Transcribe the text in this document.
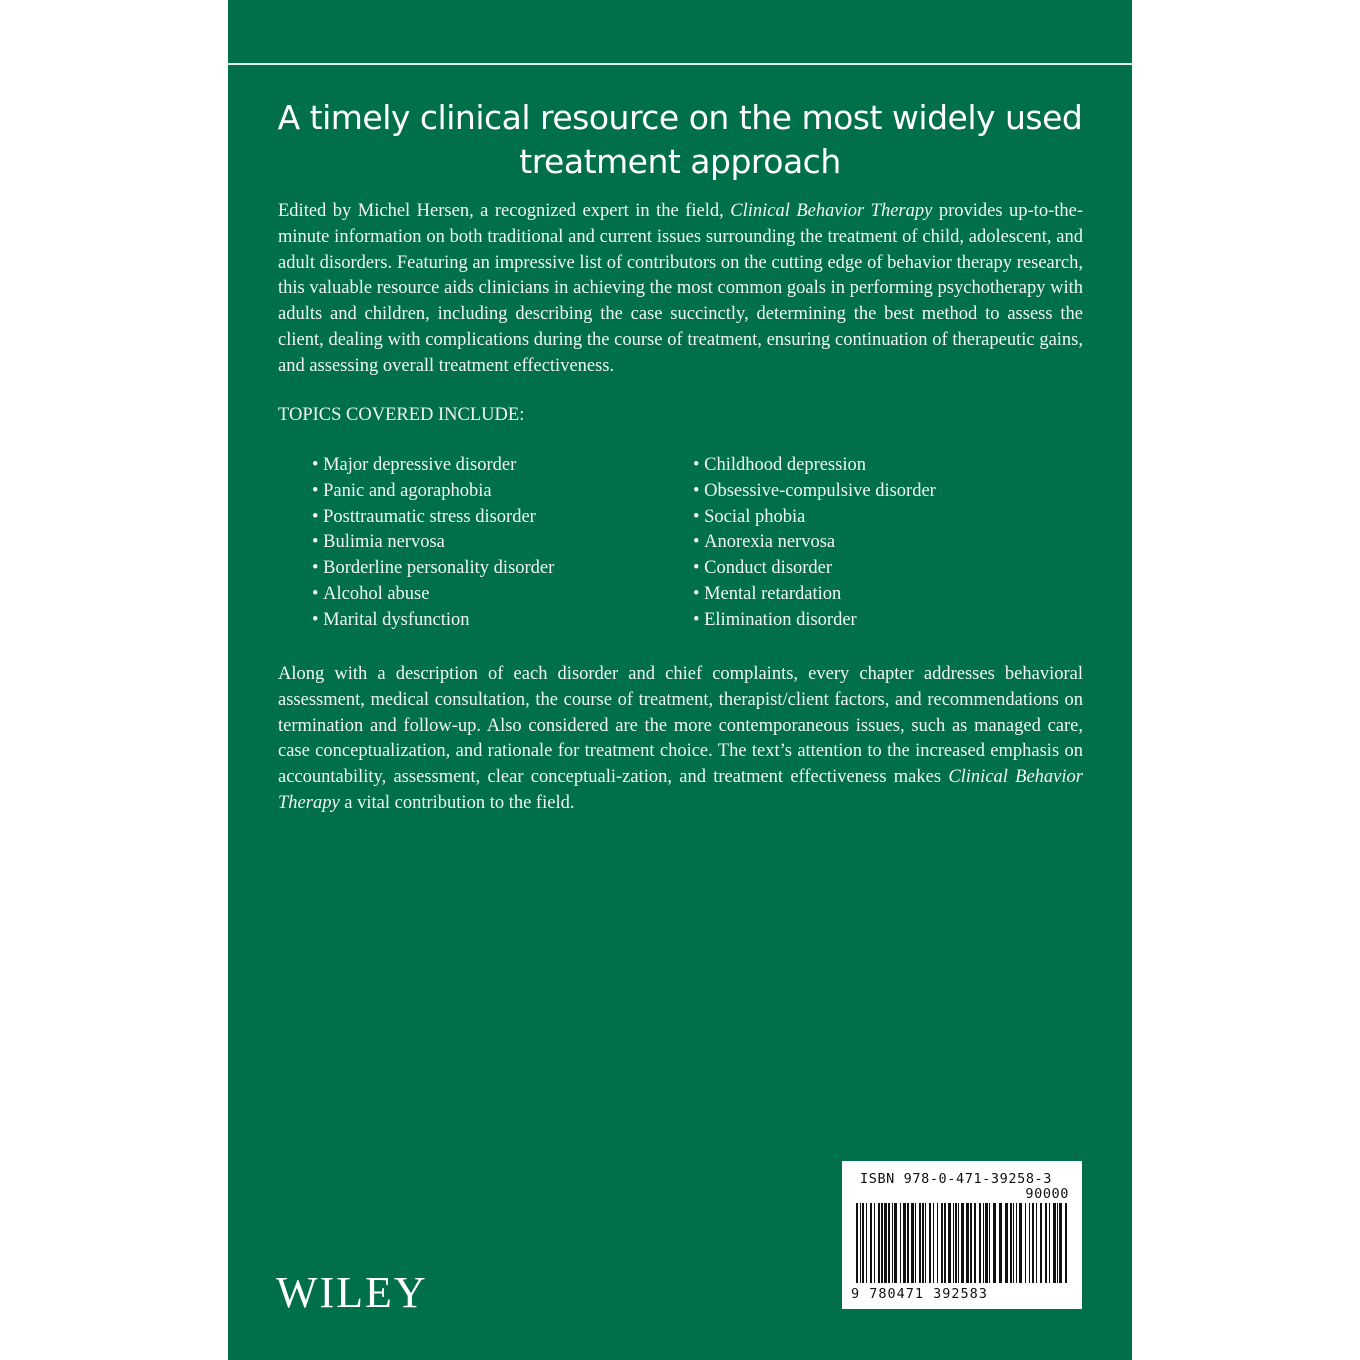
A timely clinical resource on the most widely used treatment approach

Edited by Michel Hersen, a recognized expert in the field, Clinical Behavior Therapy provides up-to-the-minute information on both traditional and current issues surrounding the treatment of child, adolescent, and adult disorders. Featuring an impressive list of contributors on the cutting edge of behavior therapy research, this valuable resource aids clinicians in achieving the most common goals in performing psychotherapy with adults and children, including describing the case succinctly, determining the best method to assess the client, dealing with complications during the course of treatment, ensuring continuation of therapeutic gains, and assessing overall treatment effectiveness.

TOPICS COVERED INCLUDE:
• Major depressive disorder
• Panic and agoraphobia
• Posttraumatic stress disorder
• Bulimia nervosa
• Borderline personality disorder
• Alcohol abuse
• Marital dysfunction
• Childhood depression
• Obsessive-compulsive disorder
• Social phobia
• Anorexia nervosa
• Conduct disorder
• Mental retardation
• Elimination disorder

Along with a description of each disorder and chief complaints, every chapter addresses behavioral assessment, medical consultation, the course of treatment, therapist/client factors, and recommendations on termination and follow-up. Also considered are the more contemporaneous issues, such as managed care, case conceptualization, and rationale for treatment choice. The text’s attention to the increased emphasis on accountability, assessment, clear conceptuali-zation, and treatment effectiveness makes Clinical Behavior Therapy a vital contribution to the field.

WILEY
ISBN 978-0-471-39258-3
90000
9 780471 392583
